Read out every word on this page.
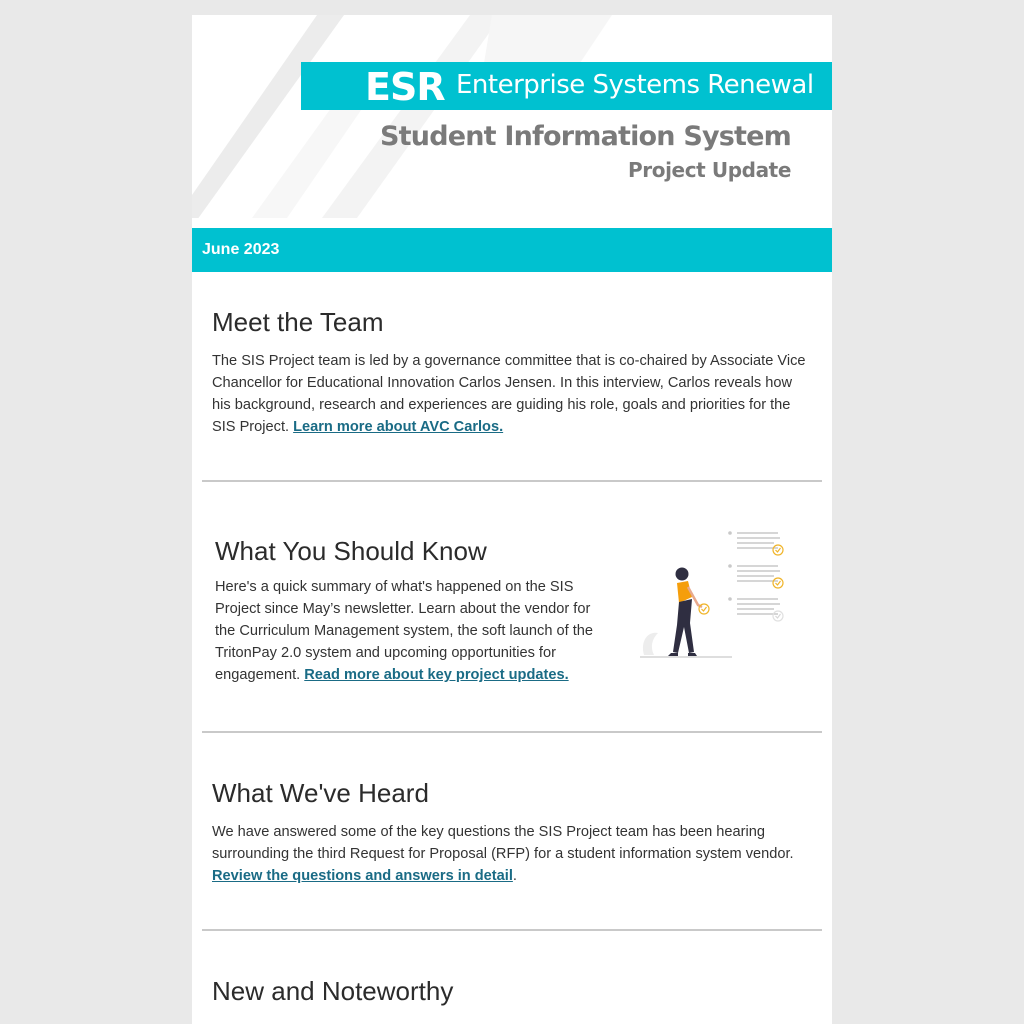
ESR Enterprise Systems Renewal
Student Information System
Project Update
June 2023
Meet the Team

The SIS Project team is led by a governance committee that is co-chaired by Associate Vice Chancellor for Educational Innovation Carlos Jensen. In this interview, Carlos reveals how his background, research and experiences are guiding his role, goals and priorities for the SIS Project. Learn more about AVC Carlos.

What You Should Know

Here's a quick summary of what's happened on the SIS Project since May’s newsletter. Learn about the vendor for the Curriculum Management system, the soft launch of the TritonPay 2.0 system and upcoming opportunities for engagement. Read more about key project updates.

What We've Heard

We have answered some of the key questions the SIS Project team has been hearing surrounding the third Request for Proposal (RFP) for a student information system vendor. Review the questions and answers in detail.

New and Noteworthy
